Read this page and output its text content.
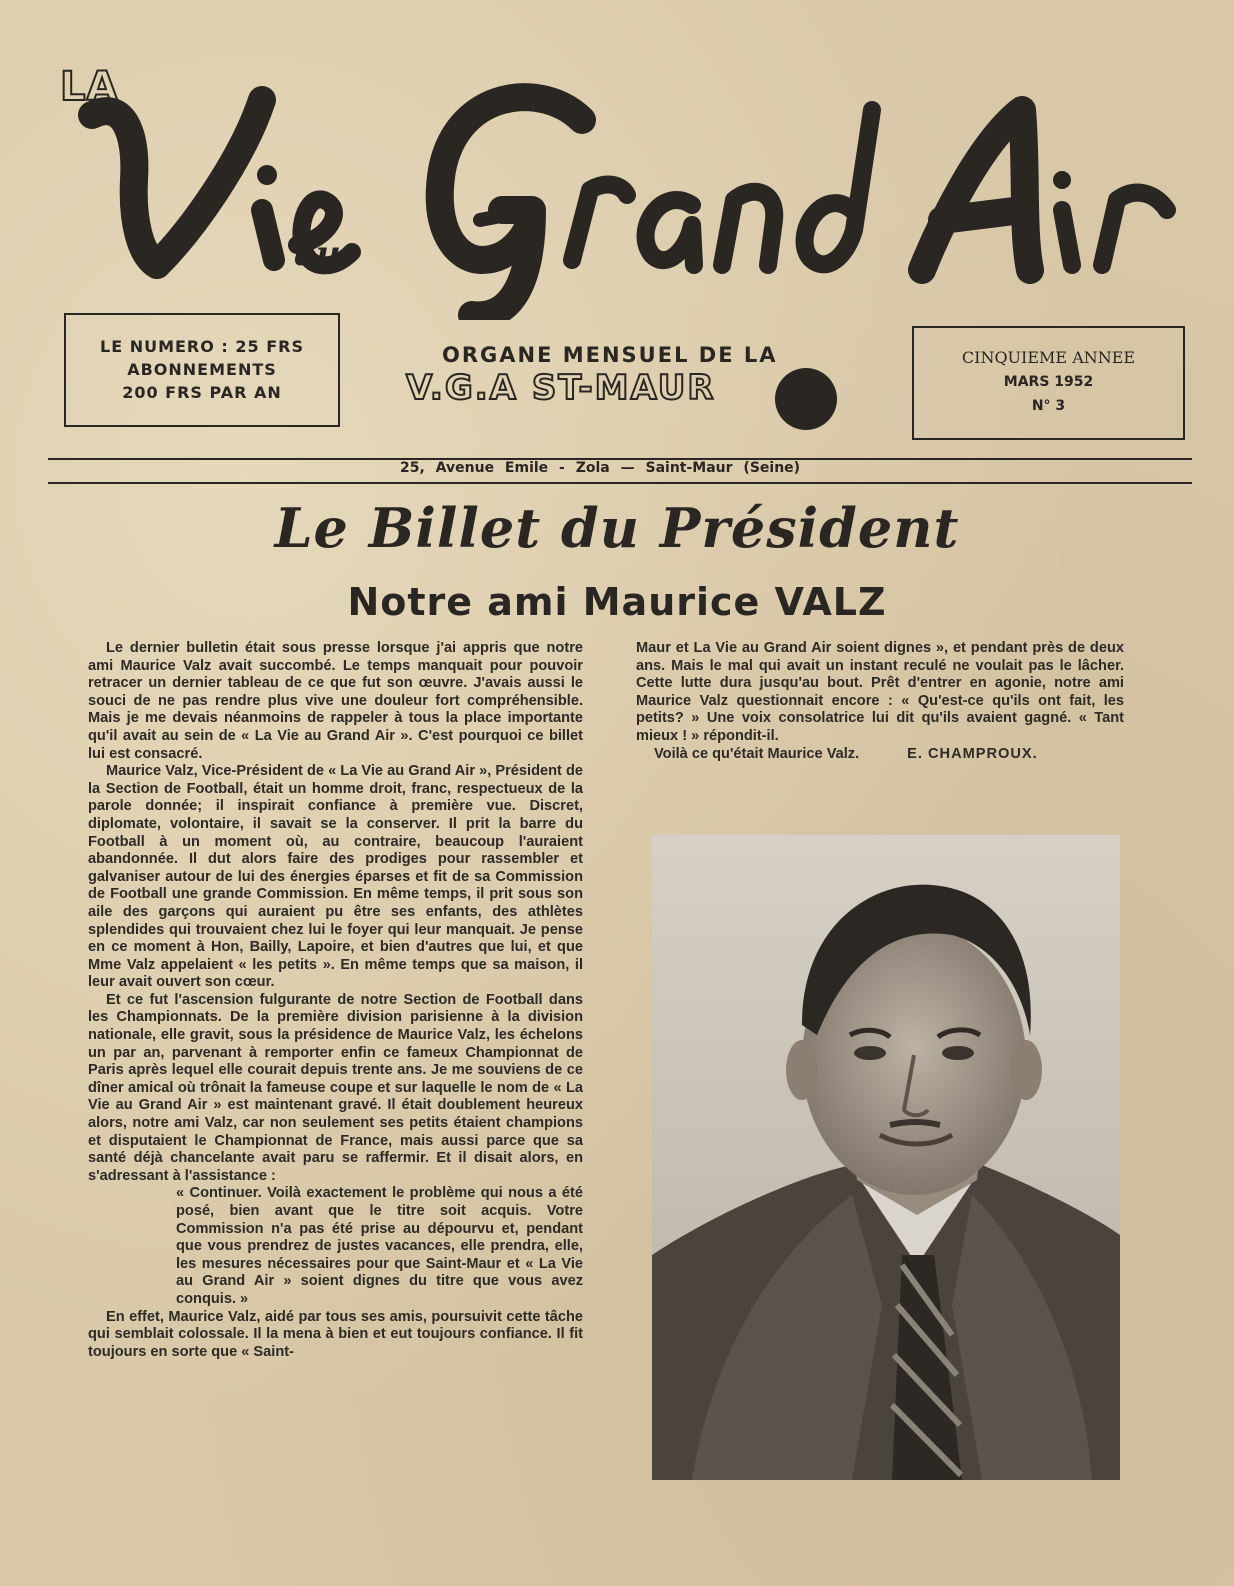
LA
au
LE NUMERO : 25 FRS
ABONNEMENTS
200 FRS PAR AN
ORGANE MENSUEL DE LA
V.G.A ST-MAUR
CINQUIEME ANNEE
MARS 1952
N° 3
25, Avenue Emile - Zola — Saint-Maur (Seine)
Le Billet du Président
Notre ami Maurice VALZ

Le dernier bulletin était sous presse lorsque j'ai appris que notre ami Maurice Valz avait succombé. Le temps manquait pour pouvoir retracer un dernier tableau de ce que fut son œuvre. J'avais aussi le souci de ne pas rendre plus vive une douleur fort compréhensible. Mais je me devais néanmoins de rappeler à tous la place importante qu'il avait au sein de « La Vie au Grand Air ». C'est pourquoi ce billet lui est consacré.

Maurice Valz, Vice-Président de « La Vie au Grand Air », Président de la Section de Football, était un homme droit, franc, respectueux de la parole donnée; il inspirait confiance à première vue. Discret, diplomate, volontaire, il savait se la conserver. Il prit la barre du Football à un moment où, au contraire, beaucoup l'auraient abandonnée. Il dut alors faire des prodiges pour rassembler et galvaniser autour de lui des énergies éparses et fit de sa Commission de Football une grande Commission. En même temps, il prit sous son aile des garçons qui auraient pu être ses enfants, des athlètes splendides qui trouvaient chez lui le foyer qui leur manquait. Je pense en ce moment à Hon, Bailly, Lapoire, et bien d'autres que lui, et que Mme Valz appelaient « les petits ». En même temps que sa maison, il leur avait ouvert son cœur.

Et ce fut l'ascension fulgurante de notre Section de Football dans les Championnats. De la première division parisienne à la division nationale, elle gravit, sous la présidence de Maurice Valz, les échelons un par an, parvenant à remporter enfin ce fameux Championnat de Paris après lequel elle courait depuis trente ans. Je me souviens de ce dîner amical où trônait la fameuse coupe et sur laquelle le nom de « La Vie au Grand Air » est maintenant gravé. Il était doublement heureux alors, notre ami Valz, car non seulement ses petits étaient champions et disputaient le Championnat de France, mais aussi parce que sa santé déjà chancelante avait paru se raffermir. Et il disait alors, en s'adressant à l'assistance :

« Continuer. Voilà exactement le problème qui nous a été posé, bien avant que le titre soit acquis. Votre Commission n'a pas été prise au dépourvu et, pendant que vous prendrez de justes vacances, elle prendra, elle, les mesures nécessaires pour que Saint-Maur et « La Vie au Grand Air » soient dignes du titre que vous avez conquis. »

En effet, Maurice Valz, aidé par tous ses amis, poursuivit cette tâche qui semblait colossale. Il la mena à bien et eut toujours confiance. Il fit toujours en sorte que « Saint-

Maur et La Vie au Grand Air soient dignes », et pendant près de deux ans. Mais le mal qui avait un instant reculé ne voulait pas le lâcher. Cette lutte dura jusqu'au bout. Prêt d'entrer en agonie, notre ami Maurice Valz questionnait encore : « Qu'est-ce qu'ils ont fait, les petits? » Une voix consolatrice lui dit qu'ils avaient gagné. « Tant mieux ! » répondit-il.

Voilà ce qu'était Maurice Valz.	E. CHAMPROUX.
